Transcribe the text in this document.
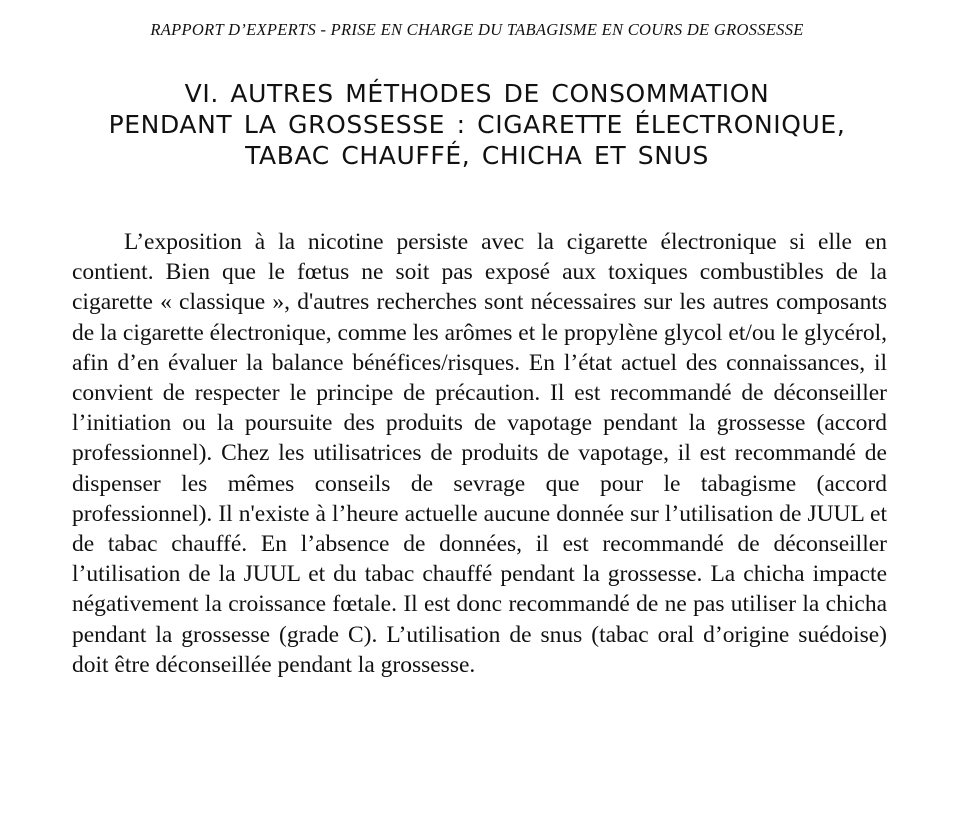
RAPPORT D’EXPERTS - PRISE EN CHARGE DU TABAGISME EN COURS DE GROSSESSE
VI. AUTRES MÉTHODES DE CONSOMMATION
PENDANT LA GROSSESSE : CIGARETTE ÉLECTRONIQUE,
TABAC CHAUFFÉ, CHICHA ET SNUS

L’exposition à la nicotine persiste avec la cigarette électronique si elle en contient. Bien que le fœtus ne soit pas exposé aux toxiques combustibles de la cigarette « classique », d'autres recherches sont nécessaires sur les autres composants de la cigarette électronique, comme les arômes et le propylène glycol et/ou le glycérol, afin d’en évaluer la balance bénéfices/risques. En l’état actuel des connaissances, il convient de respecter le principe de précaution. Il est recommandé de déconseiller l’initiation ou la poursuite des produits de vapotage pendant la grossesse (accord professionnel). Chez les utilisatrices de produits de vapotage, il est recommandé de dispenser les mêmes conseils de sevrage que pour le tabagisme (accord professionnel). Il n'existe à l’heure actuelle aucune donnée sur l’utilisation de JUUL et de tabac chauffé. En l’absence de données, il est recommandé de déconseiller l’utilisation de la JUUL et du tabac chauffé pendant la grossesse. La chicha impacte négativement la croissance fœtale. Il est donc recommandé de ne pas utiliser la chicha pendant la grossesse (grade C). L’utilisation de snus (tabac oral d’origine suédoise) doit être déconseillée pendant la grossesse.
